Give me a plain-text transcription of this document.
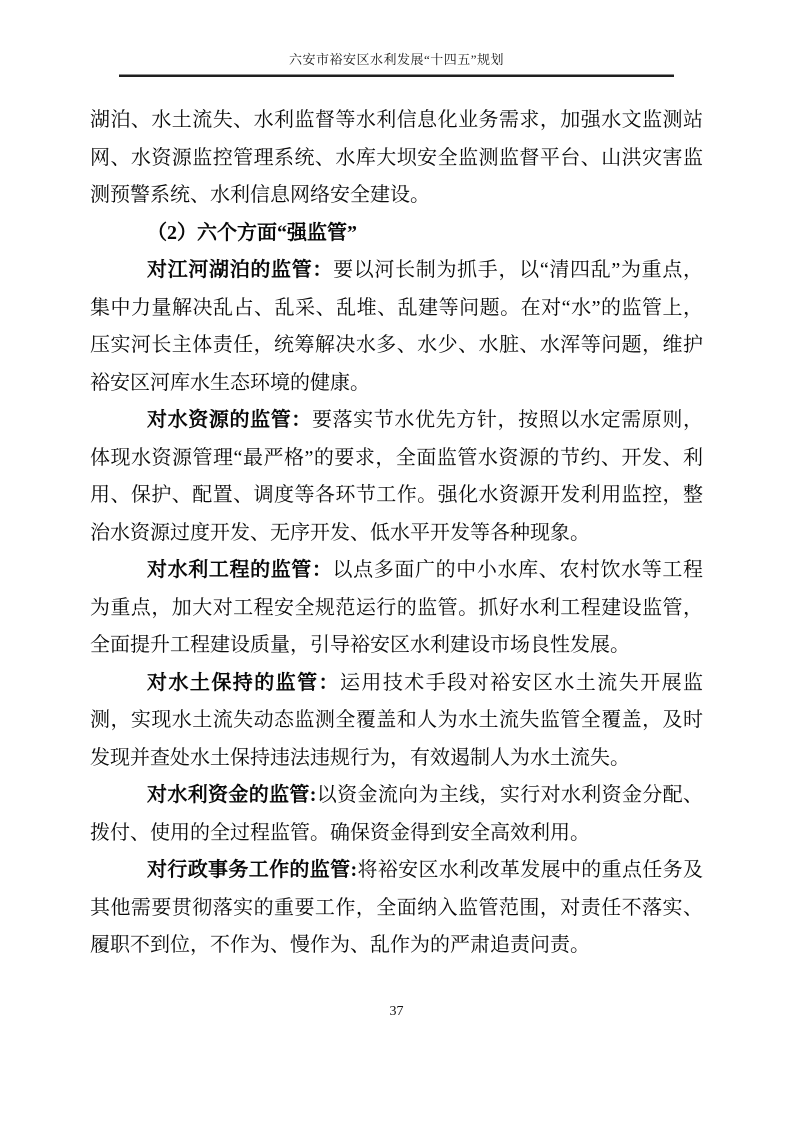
六安市裕安区水利发展“十四五”规划

湖泊、水土流失、水利监督等水利信息化业务需求，加强水文监测站网、水资源监控管理系统、水库大坝安全监测监督平台、山洪灾害监测预警系统、水利信息网络安全建设。

（2）六个方面“强监管”

对江河湖泊的监管：要以河长制为抓手，以“清四乱”为重点，集中力量解决乱占、乱采、乱堆、乱建等问题。在对“水”的监管上，压实河长主体责任，统筹解决水多、水少、水脏、水浑等问题，维护裕安区河库水生态环境的健康。

对水资源的监管：要落实节水优先方针，按照以水定需原则，体现水资源管理“最严格”的要求，全面监管水资源的节约、开发、利用、保护、配置、调度等各环节工作。强化水资源开发利用监控，整治水资源过度开发、无序开发、低水平开发等各种现象。

对水利工程的监管：以点多面广的中小水库、农村饮水等工程为重点，加大对工程安全规范运行的监管。抓好水利工程建设监管，全面提升工程建设质量，引导裕安区水利建设市场良性发展。

对水土保持的监管：运用技术手段对裕安区水土流失开展监测，实现水土流失动态监测全覆盖和人为水土流失监管全覆盖，及时发现并查处水土保持违法违规行为，有效遏制人为水土流失。

对水利资金的监管:以资金流向为主线，实行对水利资金分配、拨付、使用的全过程监管。确保资金得到安全高效利用。

对行政事务工作的监管:将裕安区水利改革发展中的重点任务及其他需要贯彻落实的重要工作，全面纳入监管范围，对责任不落实、履职不到位，不作为、慢作为、乱作为的严肃追责问责。

37
